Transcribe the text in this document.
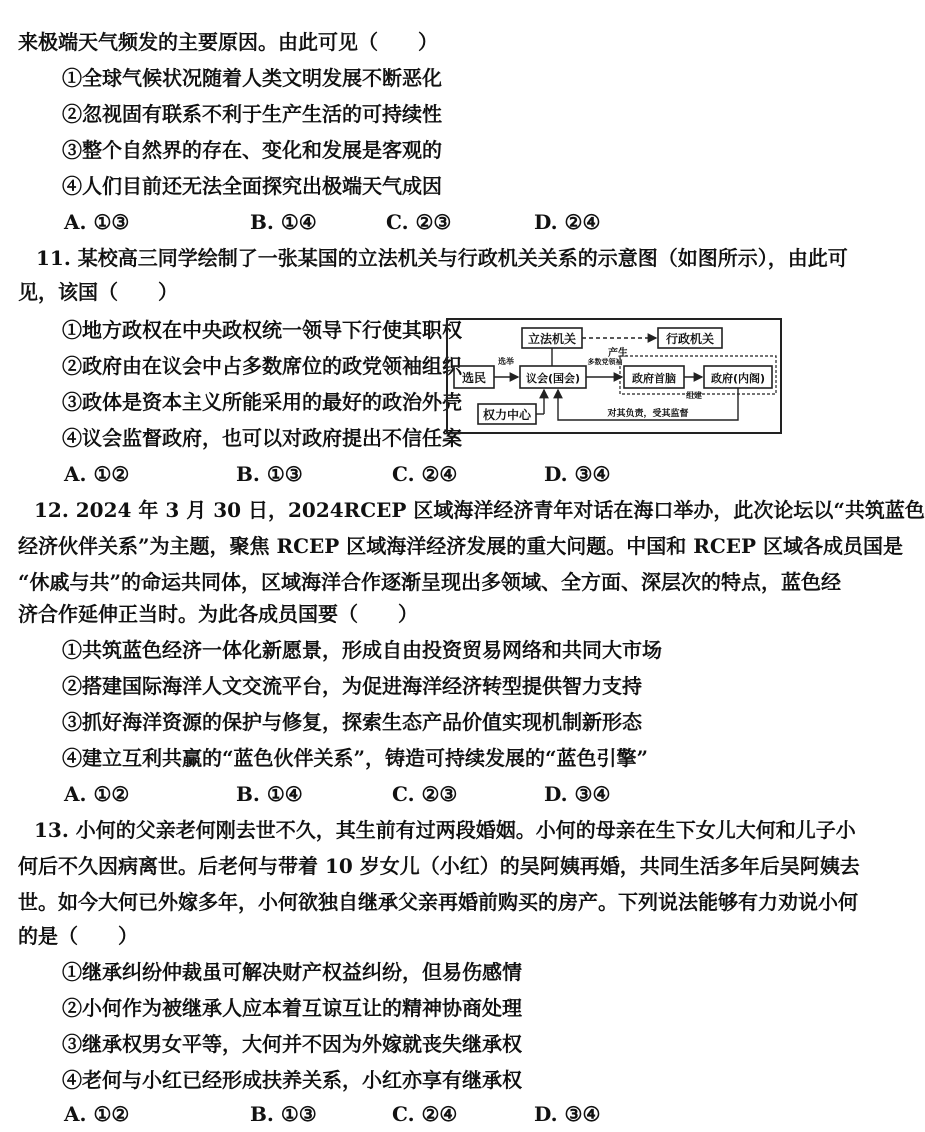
来极端天气频发的主要原因。由此可见（　　）
①全球气候状况随着人类文明发展不断恶化
②忽视固有联系不利于生产生活的可持续性
③整个自然界的存在、变化和发展是客观的
④人们目前还无法全面探究出极端天气成因
A. ①③	B. ①④	C. ②③	D. ②④
11. 某校高三同学绘制了一张某国的立法机关与行政机关关系的示意图（如图所示），由此可
见，该国（　　）
①地方政权在中央政权统一领导下行使其职权
②政府由在议会中占多数席位的政党领袖组织
③政体是资本主义所能采用的最好的政治外壳
④议会监督政府，也可以对政府提出不信任案
立法机关	行政机关
选民	议会(国会)	政府首脑	政府(内阁)
权力中心
产生
选举	多数党领袖
组建
对其负责，受其监督
A. ①②	B. ①③	C. ②④	D. ③④
12. 2024 年 3 月 30 日，2024RCEP 区域海洋经济青年对话在海口举办，此次论坛以“共筑蓝色
经济伙伴关系”为主题，聚焦 RCEP 区域海洋经济发展的重大问题。中国和 RCEP 区域各成员国是
“休戚与共”的命运共同体，区域海洋合作逐渐呈现出多领域、全方面、深层次的特点，蓝色经
济合作延伸正当时。为此各成员国要（　　）
①共筑蓝色经济一体化新愿景，形成自由投资贸易网络和共同大市场
②搭建国际海洋人文交流平台，为促进海洋经济转型提供智力支持
③抓好海洋资源的保护与修复，探索生态产品价值实现机制新形态
④建立互利共赢的“蓝色伙伴关系”，铸造可持续发展的“蓝色引擎”
A. ①②	B. ①④	C. ②③	D. ③④
13. 小何的父亲老何刚去世不久，其生前有过两段婚姻。小何的母亲在生下女儿大何和儿子小
何后不久因病离世。后老何与带着 10 岁女儿（小红）的吴阿姨再婚，共同生活多年后吴阿姨去
世。如今大何已外嫁多年，小何欲独自继承父亲再婚前购买的房产。下列说法能够有力劝说小何
的是（　　）
①继承纠纷仲裁虽可解决财产权益纠纷，但易伤感情
②小何作为被继承人应本着互谅互让的精神协商处理
③继承权男女平等，大何并不因为外嫁就丧失继承权
④老何与小红已经形成扶养关系，小红亦享有继承权
A. ①②	B. ①③	C. ②④	D. ③④
